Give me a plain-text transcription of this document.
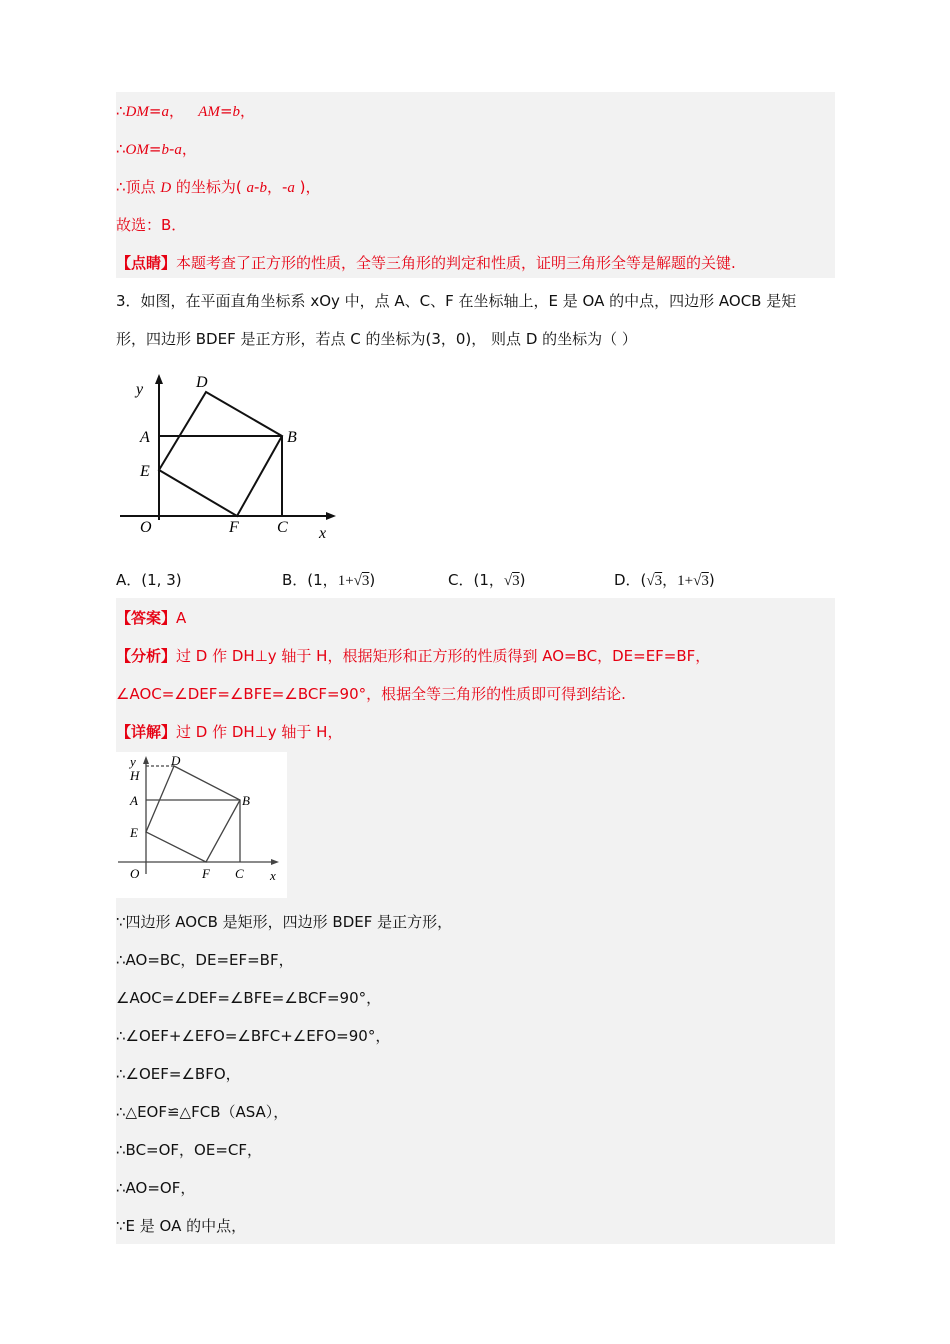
∴DM=a，   AM=b，
∴OM=b-a，
∴顶点 D 的坐标为( a-b，-a )，
故选：B．
【点睛】本题考查了正方形的性质，全等三角形的判定和性质，证明三角形全等是解题的关键.
3．如图，在平面直角坐标系 xOy 中，点 A、C、F 在坐标轴上，E 是 OA 的中点，四边形 AOCB 是矩
形，四边形 BDEF 是正方形，若点 C 的坐标为(3，0)， 则点 D 的坐标为（ ）
y	D
A	B
E
O	F C x
A．(1, 3)	B．(1，1+√3)	C．(1，√3)	D．(√3，1+√3)
【答案】A
【分析】过 D 作 DH⊥y 轴于 H，根据矩形和正方形的性质得到 AO=BC，DE=EF=BF，
∠AOC=∠DEF=∠BFE=∠BCF=90°，根据全等三角形的性质即可得到结论.
【详解】过 D 作 DH⊥y 轴于 H，
y
H
D
A	B
E
O	F C x
∵四边形 AOCB 是矩形，四边形 BDEF 是正方形，
∴AO=BC，DE=EF=BF，
∠AOC=∠DEF=∠BFE=∠BCF=90°，
∴∠OEF+∠EFO=∠BFC+∠EFO=90°，
∴∠OEF=∠BFO，
∴△EOF≌△FCB（ASA），
∴BC=OF，OE=CF，
∴AO=OF，
∵E 是 OA 的中点，
